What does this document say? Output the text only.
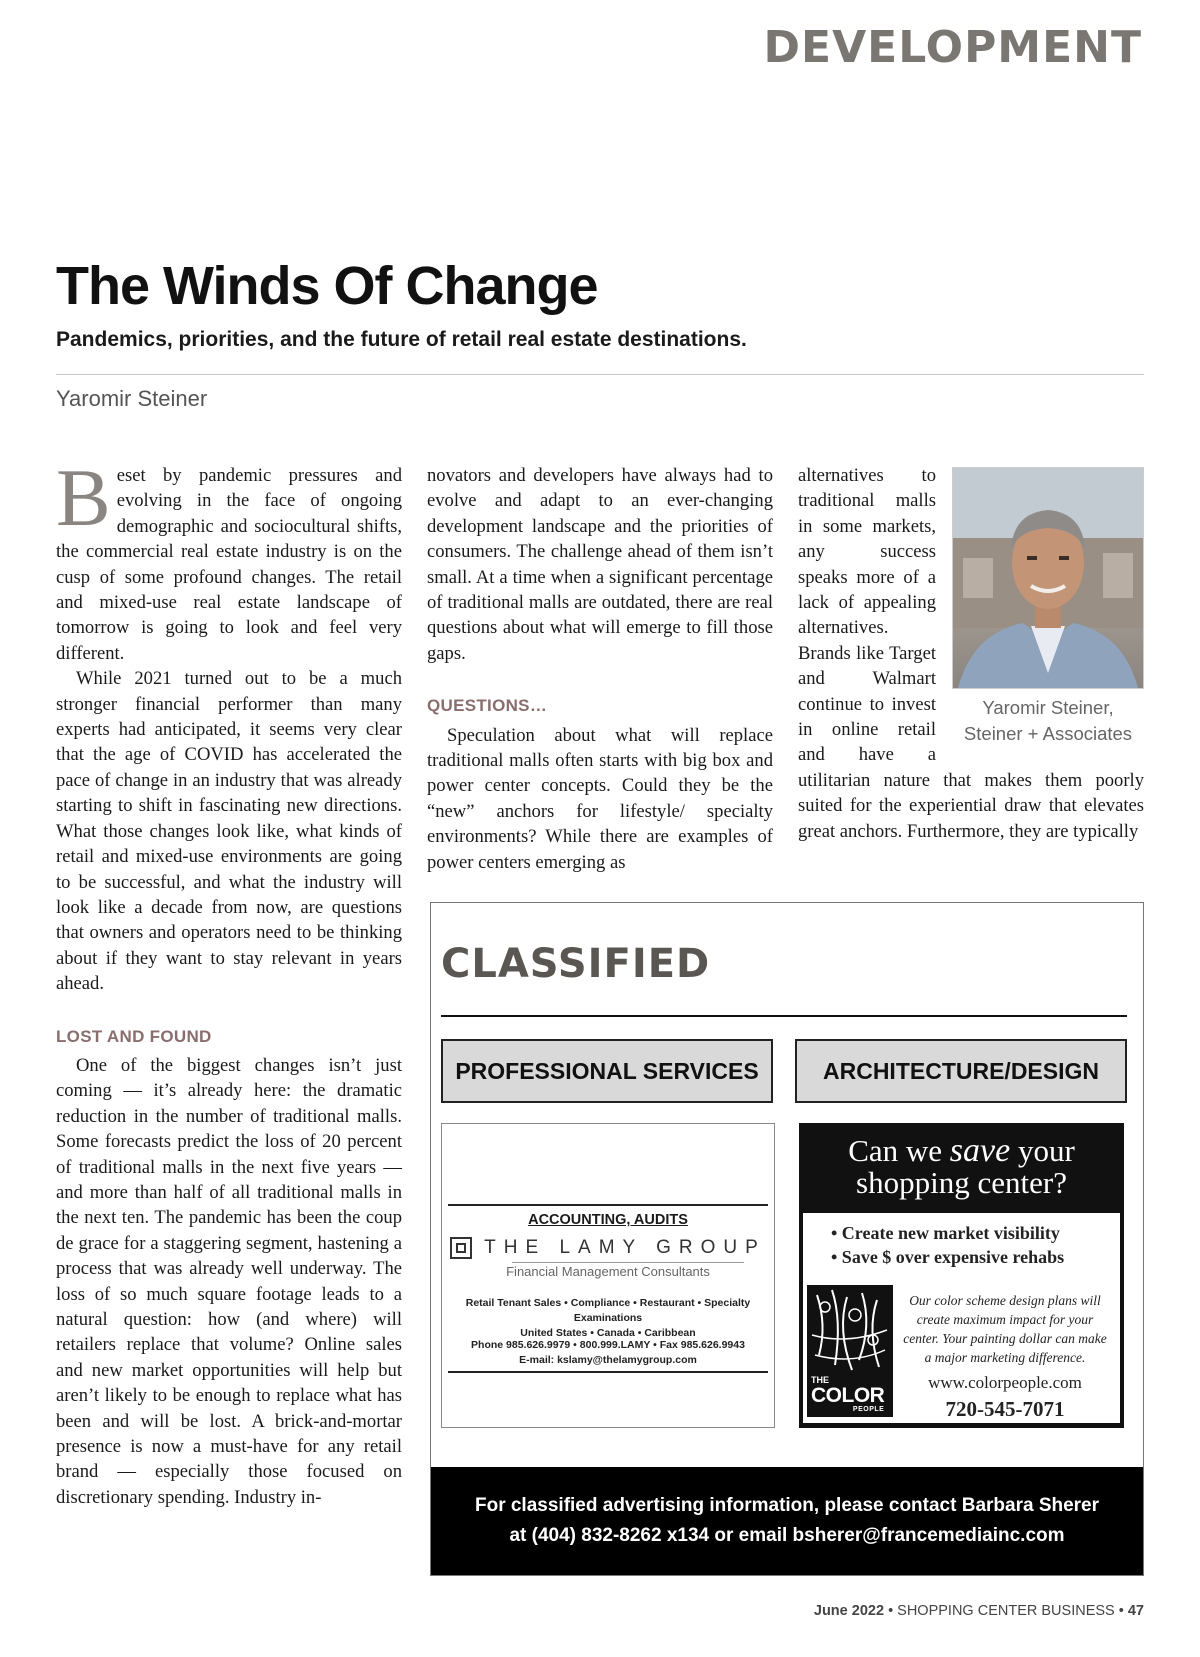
DEVELOPMENT
The Winds Of Change
Pandemics, priorities, and the future of retail real estate destinations.
Yaromir Steiner

Beset by pandemic pressures and evolving in the face of ongoing demographic and sociocultural shifts, the commercial real estate industry is on the cusp of some profound changes. The retail and mixed-use real estate landscape of tomorrow is going to look and feel very different.

While 2021 turned out to be a much stronger financial performer than many experts had anticipated, it seems very clear that the age of COVID has accelerated the pace of change in an industry that was already starting to shift in fascinating new directions. What those changes look like, what kinds of retail and mixed-use environments are going to be successful, and what the industry will look like a decade from now, are questions that owners and operators need to be thinking about if they want to stay relevant in years ahead.

LOST AND FOUND

One of the biggest changes isn’t just coming — it’s already here: the dramatic reduction in the number of traditional malls. Some forecasts predict the loss of 20 percent of traditional malls in the next five years — and more than half of all traditional malls in the next ten. The pandemic has been the coup de grace for a staggering segment, hastening a process that was already well underway. The loss of so much square footage leads to a natural question: how (and where) will retailers replace that volume? Online sales and new market opportunities will help but aren’t likely to be enough to replace what has been and will be lost. A brick-and-mortar presence is now a must-have for any retail brand — especially those focused on discretionary spending. Industry in-

novators and developers have always had to evolve and adapt to an ever-changing development landscape and the priorities of consumers. The challenge ahead of them isn’t small. At a time when a significant percentage of traditional malls are outdated, there are real questions about what will emerge to fill those gaps.

QUESTIONS…

Speculation about what will replace traditional malls often starts with big box and power center concepts. Could they be the “new” anchors for lifestyle/ specialty environments? While there are examples of power centers emerging as

Yaromir Steiner,
Steiner + Associates

alternatives to traditional malls in some markets, any success speaks more of a lack of appealing alternatives. Brands like Target and Walmart continue to invest in online retail and have a utilitarian nature that makes them poorly suited for the experiential draw that elevates great anchors. Furthermore, they are typically

CLASSIFIED
PROFESSIONAL SERVICES	ARCHITECTURE/DESIGN
ACCOUNTING, AUDITS
THE LAMY GROUP
Financial Management Consultants
Retail Tenant Sales • Compliance • Restaurant • Specialty Examinations
United States • Canada • Caribbean
Phone 985.626.9979 • 800.999.LAMY • Fax 985.626.9943
E-mail: kslamy@thelamygroup.com
Can we save your
shopping center?
• Create new market visibility
• Save $ over expensive rehabs
THE
COLOR
PEOPLE
Our color scheme design plans will create maximum impact for your center. Your painting dollar can make a major marketing difference.
www.colorpeople.com
720-545-7071
For classified advertising information, please contact Barbara Sherer
at (404) 832-8262 x134 or email bsherer@francemediainc.com
June 2022 • SHOPPING CENTER BUSINESS • 47
